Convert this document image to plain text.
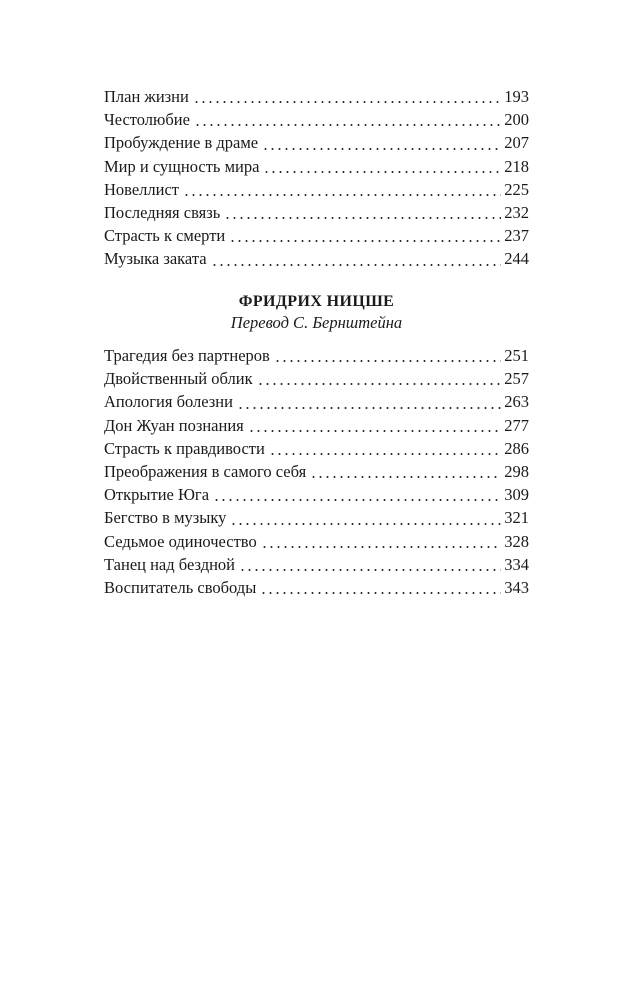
План жизни	193
Честолюбие	200
Пробуждение в драме	207
Мир и сущность мира	218
Новеллист	225
Последняя связь	232
Страсть к смерти	237
Музыка заката	244
ФРИДРИХ НИЦШЕ
Перевод С. Бернштейна
Трагедия без партнеров	251
Двойственный облик	257
Апология болезни	263
Дон Жуан познания	277
Страсть к правдивости	286
Преображения в самого себя	298
Открытие Юга	309
Бегство в музыку	321
Седьмое одиночество	328
Танец над бездной	334
Воспитатель свободы	343
